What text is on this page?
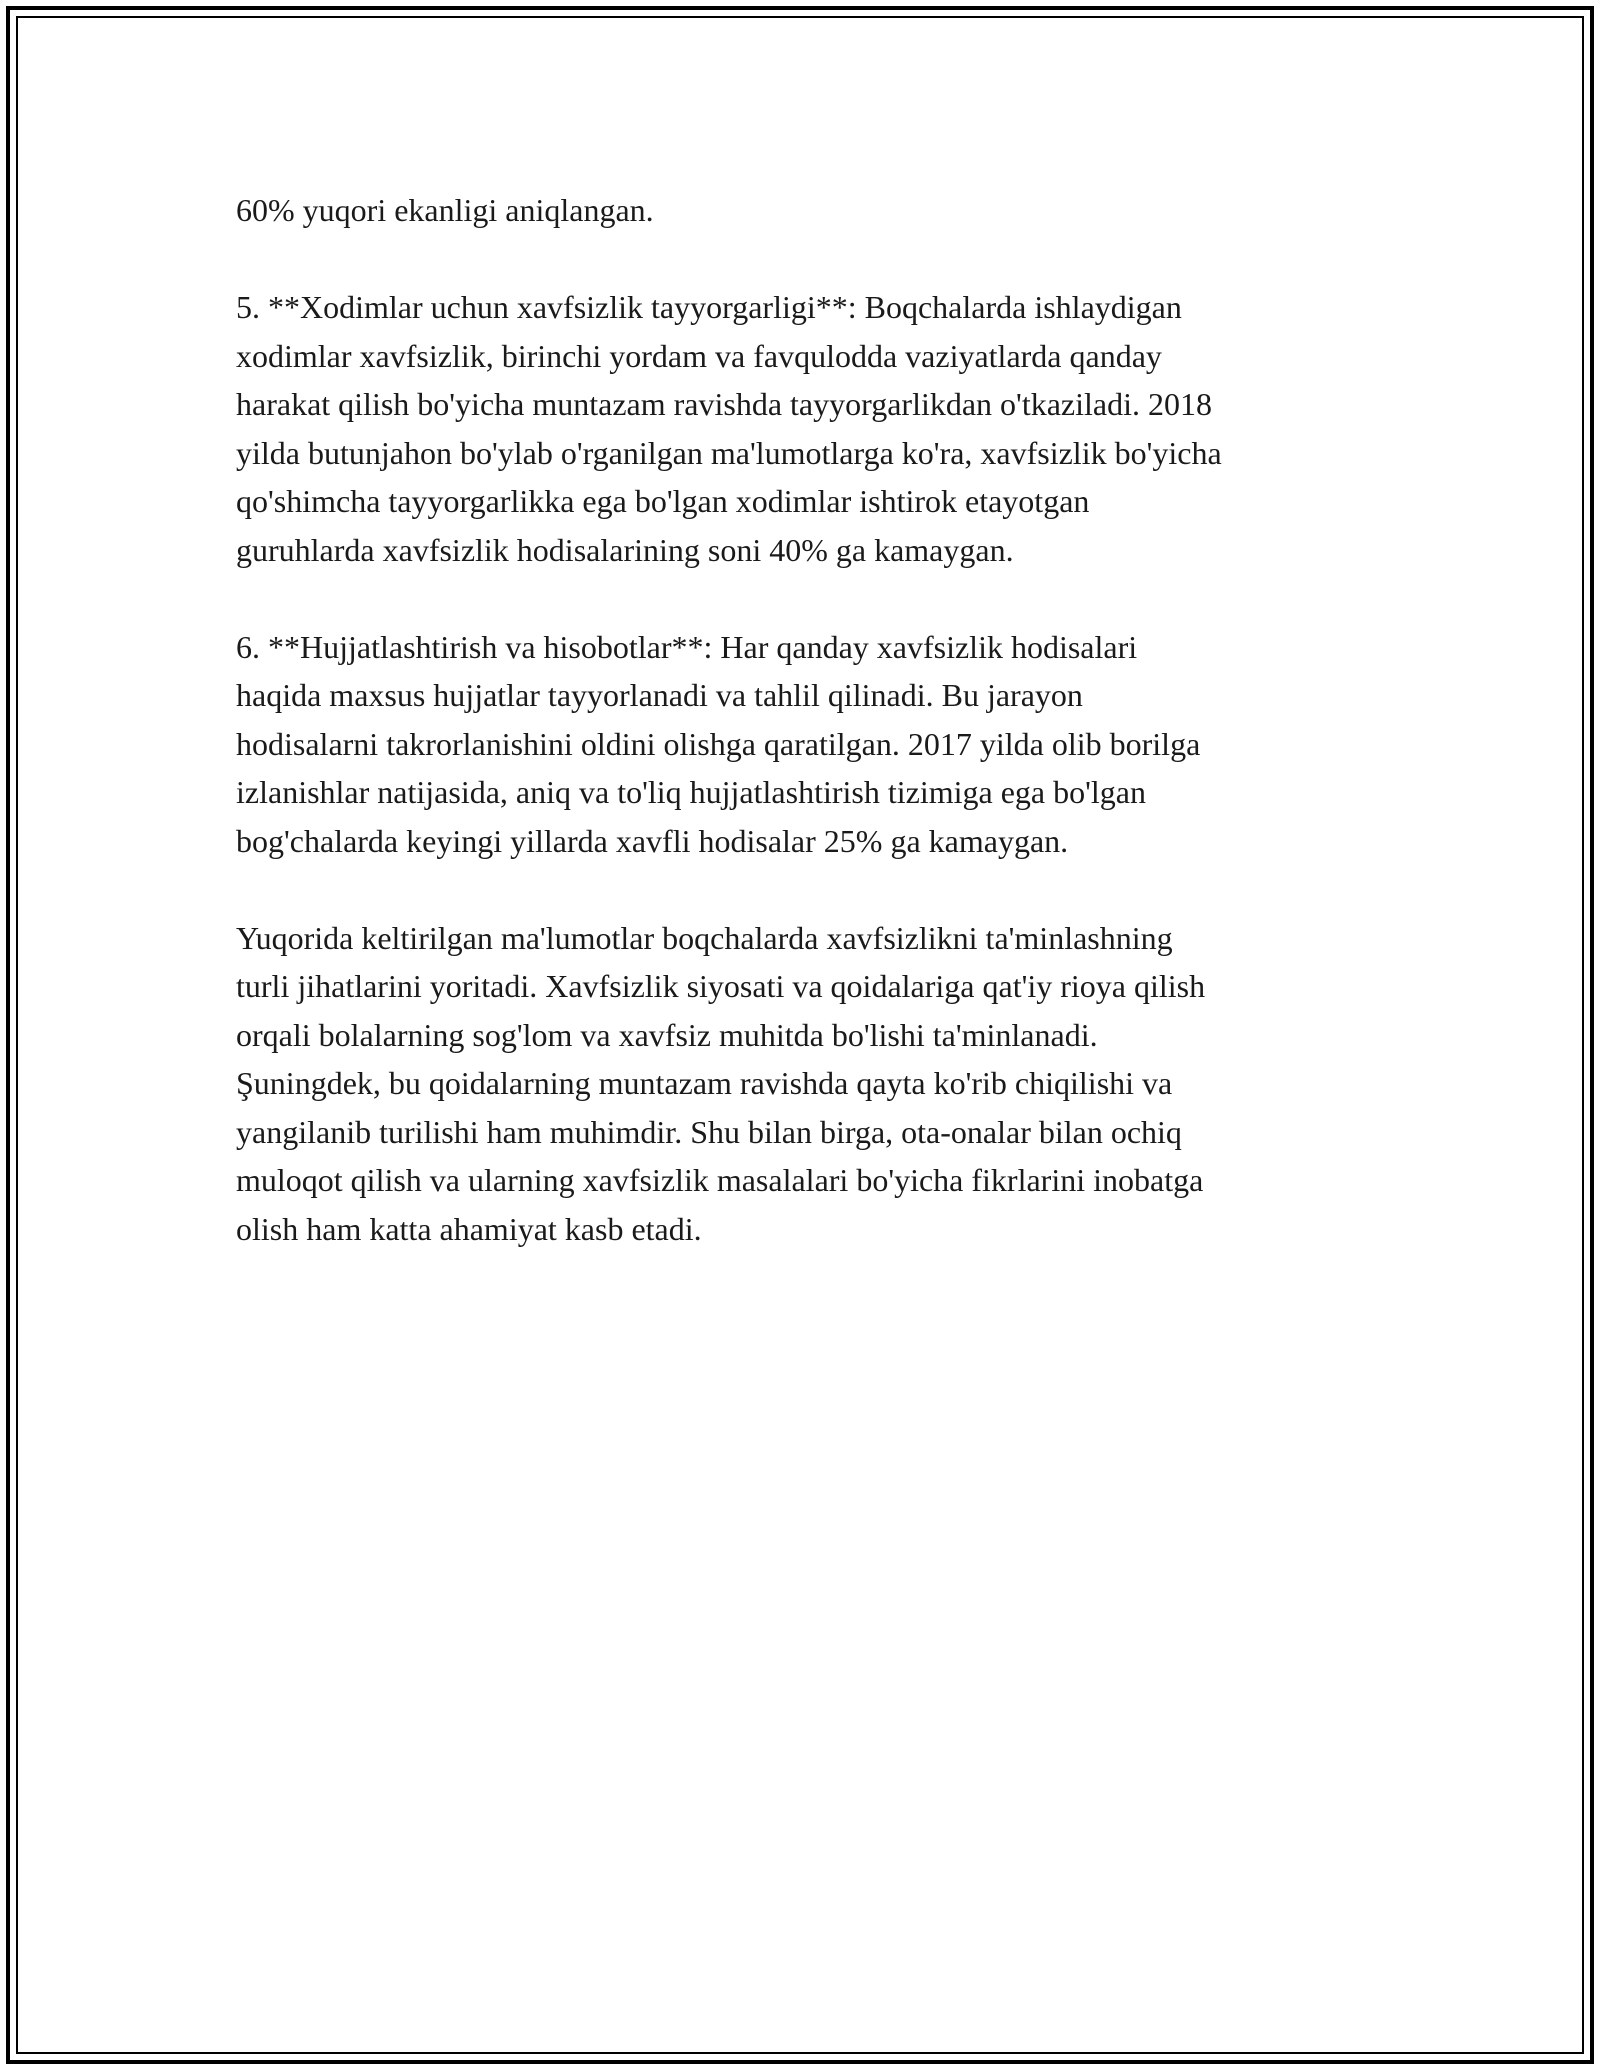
60% yuqori ekanligi aniqlangan.

5. **Xodimlar uchun xavfsizlik tayyorgarligi**: Boqchalarda ishlaydigan
xodimlar xavfsizlik, birinchi yordam va favqulodda vaziyatlarda qanday
harakat qilish bo'yicha muntazam ravishda tayyorgarlikdan o'tkaziladi. 2018
yilda butunjahon bo'ylab o'rganilgan ma'lumotlarga ko'ra, xavfsizlik bo'yicha
qo'shimcha tayyorgarlikka ega bo'lgan xodimlar ishtirok etayotgan
guruhlarda xavfsizlik hodisalarining soni 40% ga kamaygan.

6. **Hujjatlashtirish va hisobotlar**: Har qanday xavfsizlik hodisalari
haqida maxsus hujjatlar tayyorlanadi va tahlil qilinadi. Bu jarayon
hodisalarni takrorlanishini oldini olishga qaratilgan. 2017 yilda olib borilga
izlanishlar natijasida, aniq va to'liq hujjatlashtirish tizimiga ega bo'lgan
bog'chalarda keyingi yillarda xavfli hodisalar 25% ga kamaygan.

Yuqorida keltirilgan ma'lumotlar boqchalarda xavfsizlikni ta'minlashning
turli jihatlarini yoritadi. Xavfsizlik siyosati va qoidalariga qat'iy rioya qilish
orqali bolalarning sog'lom va xavfsiz muhitda bo'lishi ta'minlanadi.
Şuningdek, bu qoidalarning muntazam ravishda qayta ko'rib chiqilishi va
yangilanib turilishi ham muhimdir. Shu bilan birga, ota-onalar bilan ochiq
muloqot qilish va ularning xavfsizlik masalalari bo'yicha fikrlarini inobatga
olish ham katta ahamiyat kasb etadi.
